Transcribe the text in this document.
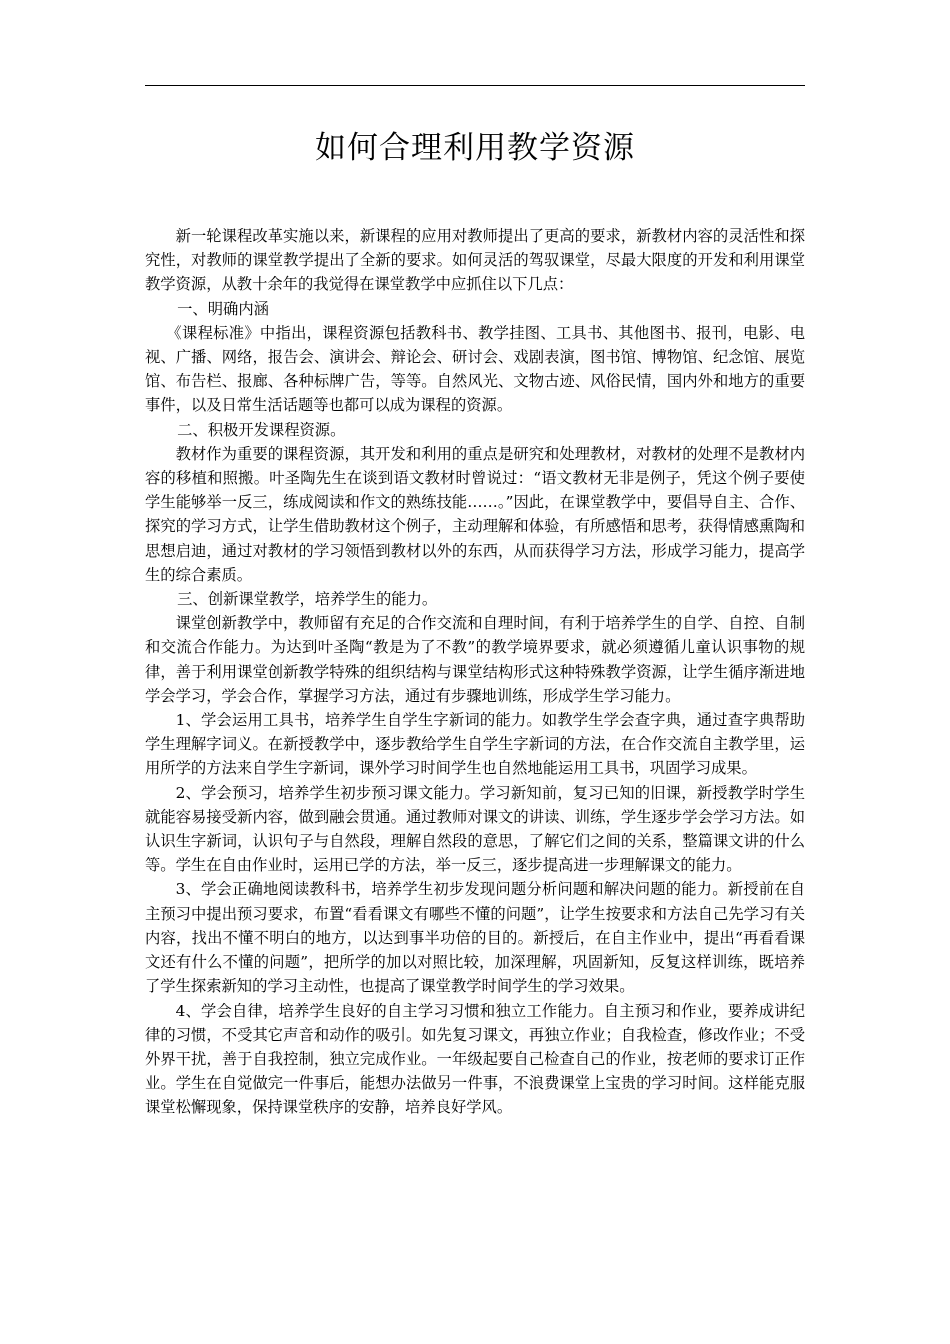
如何合理利用教学资源

新一轮课程改革实施以来，新课程的应用对教师提出了更高的要求，新教材内容的灵活性和探究性，对教师的课堂教学提出了全新的要求。如何灵活的驾驭课堂，尽最大限度的开发和利用课堂教学资源，从教十余年的我觉得在课堂教学中应抓住以下几点：

一、明确内涵

《课程标准》中指出，课程资源包括教科书、教学挂图、工具书、其他图书、报刊，电影、电视、广播、网络，报告会、演讲会、辩论会、研讨会、戏剧表演，图书馆、博物馆、纪念馆、展览馆、布告栏、报廊、各种标牌广告，等等。自然风光、文物古迹、风俗民情，国内外和地方的重要事件，以及日常生活话题等也都可以成为课程的资源。

二、积极开发课程资源。

教材作为重要的课程资源，其开发和利用的重点是研究和处理教材，对教材的处理不是教材内容的移植和照搬。叶圣陶先生在谈到语文教材时曾说过：“语文教材无非是例子，凭这个例子要使学生能够举一反三，练成阅读和作文的熟练技能……。”因此，在课堂教学中，要倡导自主、合作、探究的学习方式，让学生借助教材这个例子，主动理解和体验，有所感悟和思考，获得情感熏陶和思想启迪，通过对教材的学习领悟到教材以外的东西，从而获得学习方法，形成学习能力，提高学生的综合素质。

三、创新课堂教学，培养学生的能力。

课堂创新教学中，教师留有充足的合作交流和自理时间，有利于培养学生的自学、自控、自制和交流合作能力。为达到叶圣陶“教是为了不教”的教学境界要求，就必须遵循儿童认识事物的规律，善于利用课堂创新教学特殊的组织结构与课堂结构形式这种特殊教学资源，让学生循序渐进地学会学习，学会合作，掌握学习方法，通过有步骤地训练，形成学生学习能力。

1、学会运用工具书，培养学生自学生字新词的能力。如教学生学会查字典，通过查字典帮助学生理解字词义。在新授教学中，逐步教给学生自学生字新词的方法，在合作交流自主教学里，运用所学的方法来自学生字新词，课外学习时间学生也自然地能运用工具书，巩固学习成果。

2、学会预习，培养学生初步预习课文能力。学习新知前，复习已知的旧课，新授教学时学生就能容易接受新内容，做到融会贯通。通过教师对课文的讲读、训练，学生逐步学会学习方法。如认识生字新词，认识句子与自然段，理解自然段的意思，了解它们之间的关系，整篇课文讲的什么等。学生在自由作业时，运用已学的方法，举一反三，逐步提高进一步理解课文的能力。

3、学会正确地阅读教科书，培养学生初步发现问题分析问题和解决问题的能力。新授前在自主预习中提出预习要求，布置“看看课文有哪些不懂的问题”，让学生按要求和方法自己先学习有关内容，找出不懂不明白的地方，以达到事半功倍的目的。新授后，在自主作业中，提出“再看看课文还有什么不懂的问题”，把所学的加以对照比较，加深理解，巩固新知，反复这样训练，既培养了学生探索新知的学习主动性，也提高了课堂教学时间学生的学习效果。

4、学会自律，培养学生良好的自主学习习惯和独立工作能力。自主预习和作业，要养成讲纪律的习惯，不受其它声音和动作的吸引。如先复习课文，再独立作业；自我检查，修改作业；不受外界干扰，善于自我控制，独立完成作业。一年级起要自己检查自己的作业，按老师的要求订正作业。学生在自觉做完一件事后，能想办法做另一件事，不浪费课堂上宝贵的学习时间。这样能克服课堂松懈现象，保持课堂秩序的安静，培养良好学风。
